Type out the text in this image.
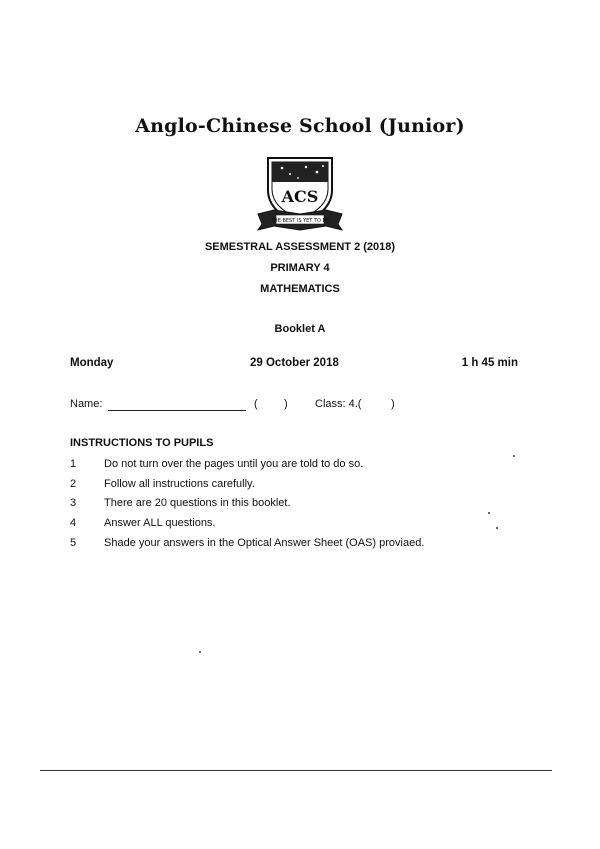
Anglo-Chinese School (Junior)
ACS
THE BEST IS YET TO BE
SEMESTRAL ASSESSMENT 2 (2018)
PRIMARY 4
MATHEMATICS
Booklet A
Monday	29 October 2018	1 h 45 min
Name:	( ) Class: 4.(	)
INSTRUCTIONS TO PUPILS
1	Do not turn over the pages until you are told to do so.
2	Follow all instructions carefully.
3	There are 20 questions in this booklet.
4	Answer ALL questions.
5	Shade your answers in the Optical Answer Sheet (OAS) proviaed.
